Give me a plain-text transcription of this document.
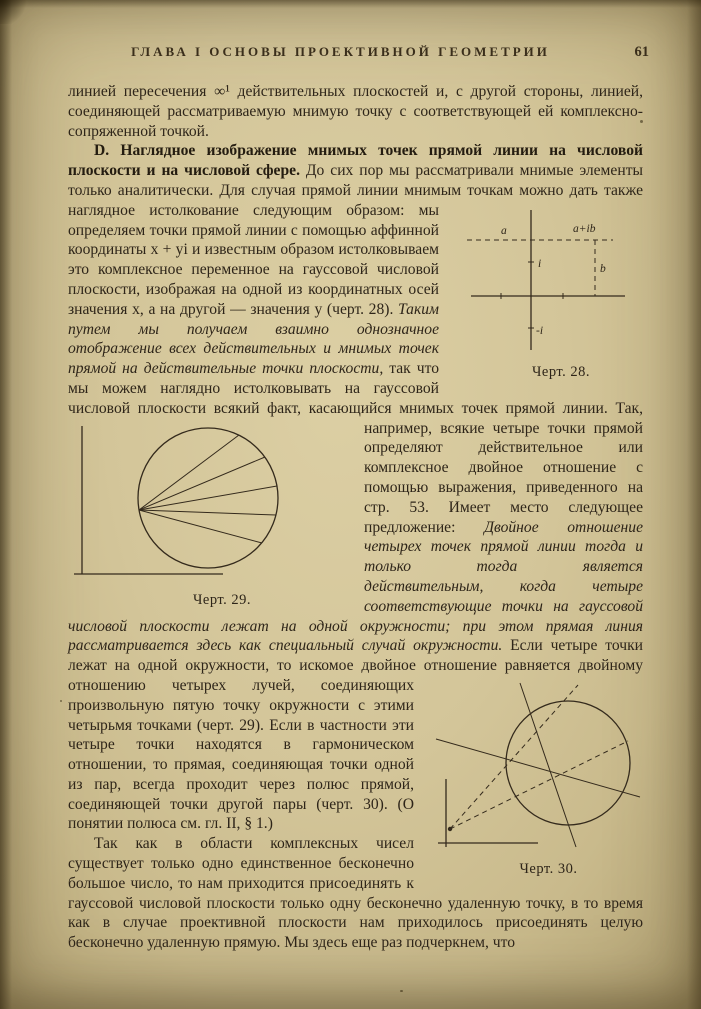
ГЛАВА I ОСНОВЫ ПРОЕКТИВНОЙ ГЕОМЕТРИИ	61

линией пересечения ∞¹ действительных плоскостей и, с другой стороны, линией, соединяющей рассматриваемую мнимую точку с соответствующей ей комплексно-сопряженной точкой.

D. Наглядное изображение мнимых точек прямой линии на числовой плоскости и на числовой сфере. До сих пор мы рассматривали мнимые элементы только аналитически. Для случая прямой линии мнимым точкам можно дать также наглядное
a	a+ib
b
i
-i
Черт. 28.
истолкование следующим образом: мы определяем точки прямой линии с помощью аффинной координаты x + yi и известным образом истолковываем это комплексное переменное на гауссовой числовой плоскости, изображая на одной из координатных осей значения x, а на другой — значения y (черт. 28). Таким путем мы получаем взаимно однозначное отображение всех действительных и мнимых точек прямой на действительные точки плоскости, так что мы можем наглядно истолковывать на гауссовой числовой плоскости всякий факт, касающийся мнимых точек прямой линии.
Черт. 29.
Так, например, всякие четыре точки прямой определяют действительное или комплексное двойное отношение с помощью выражения, приведенного на стр. 53. Имеет место следующее предложение: Двойное отношение четырех точек прямой линии тогда и только тогда является действительным, когда четыре соответствующие точки на гауссовой числовой плоскости лежат на одной окружности; при этом прямая линия рассматривается здесь как специальный случай окружности. Если четыре точки лежат на одной окружности, то искомое двойное отношение равняется двойному отношению
Черт. 30.
четырех лучей, соединяющих произвольную пятую точку окружности с этими четырьмя точками (черт. 29). Если в частности эти четыре точки находятся в гармоническом отношении, то прямая, соединяющая точки одной из пар, всегда проходит через полюс прямой, соединяющей точки другой пары (черт. 30). (О понятии полюса см. гл. II, § 1.)

Так как в области комплексных чисел существует только одно единственное бесконечно большое число, то нам приходится присоединять к гауссовой числовой плоскости только одну бесконечно удаленную точку, в то время как в случае проективной плоскости нам приходилось присоединять целую бесконечно удаленную прямую. Мы здесь еще раз подчеркнем, что
